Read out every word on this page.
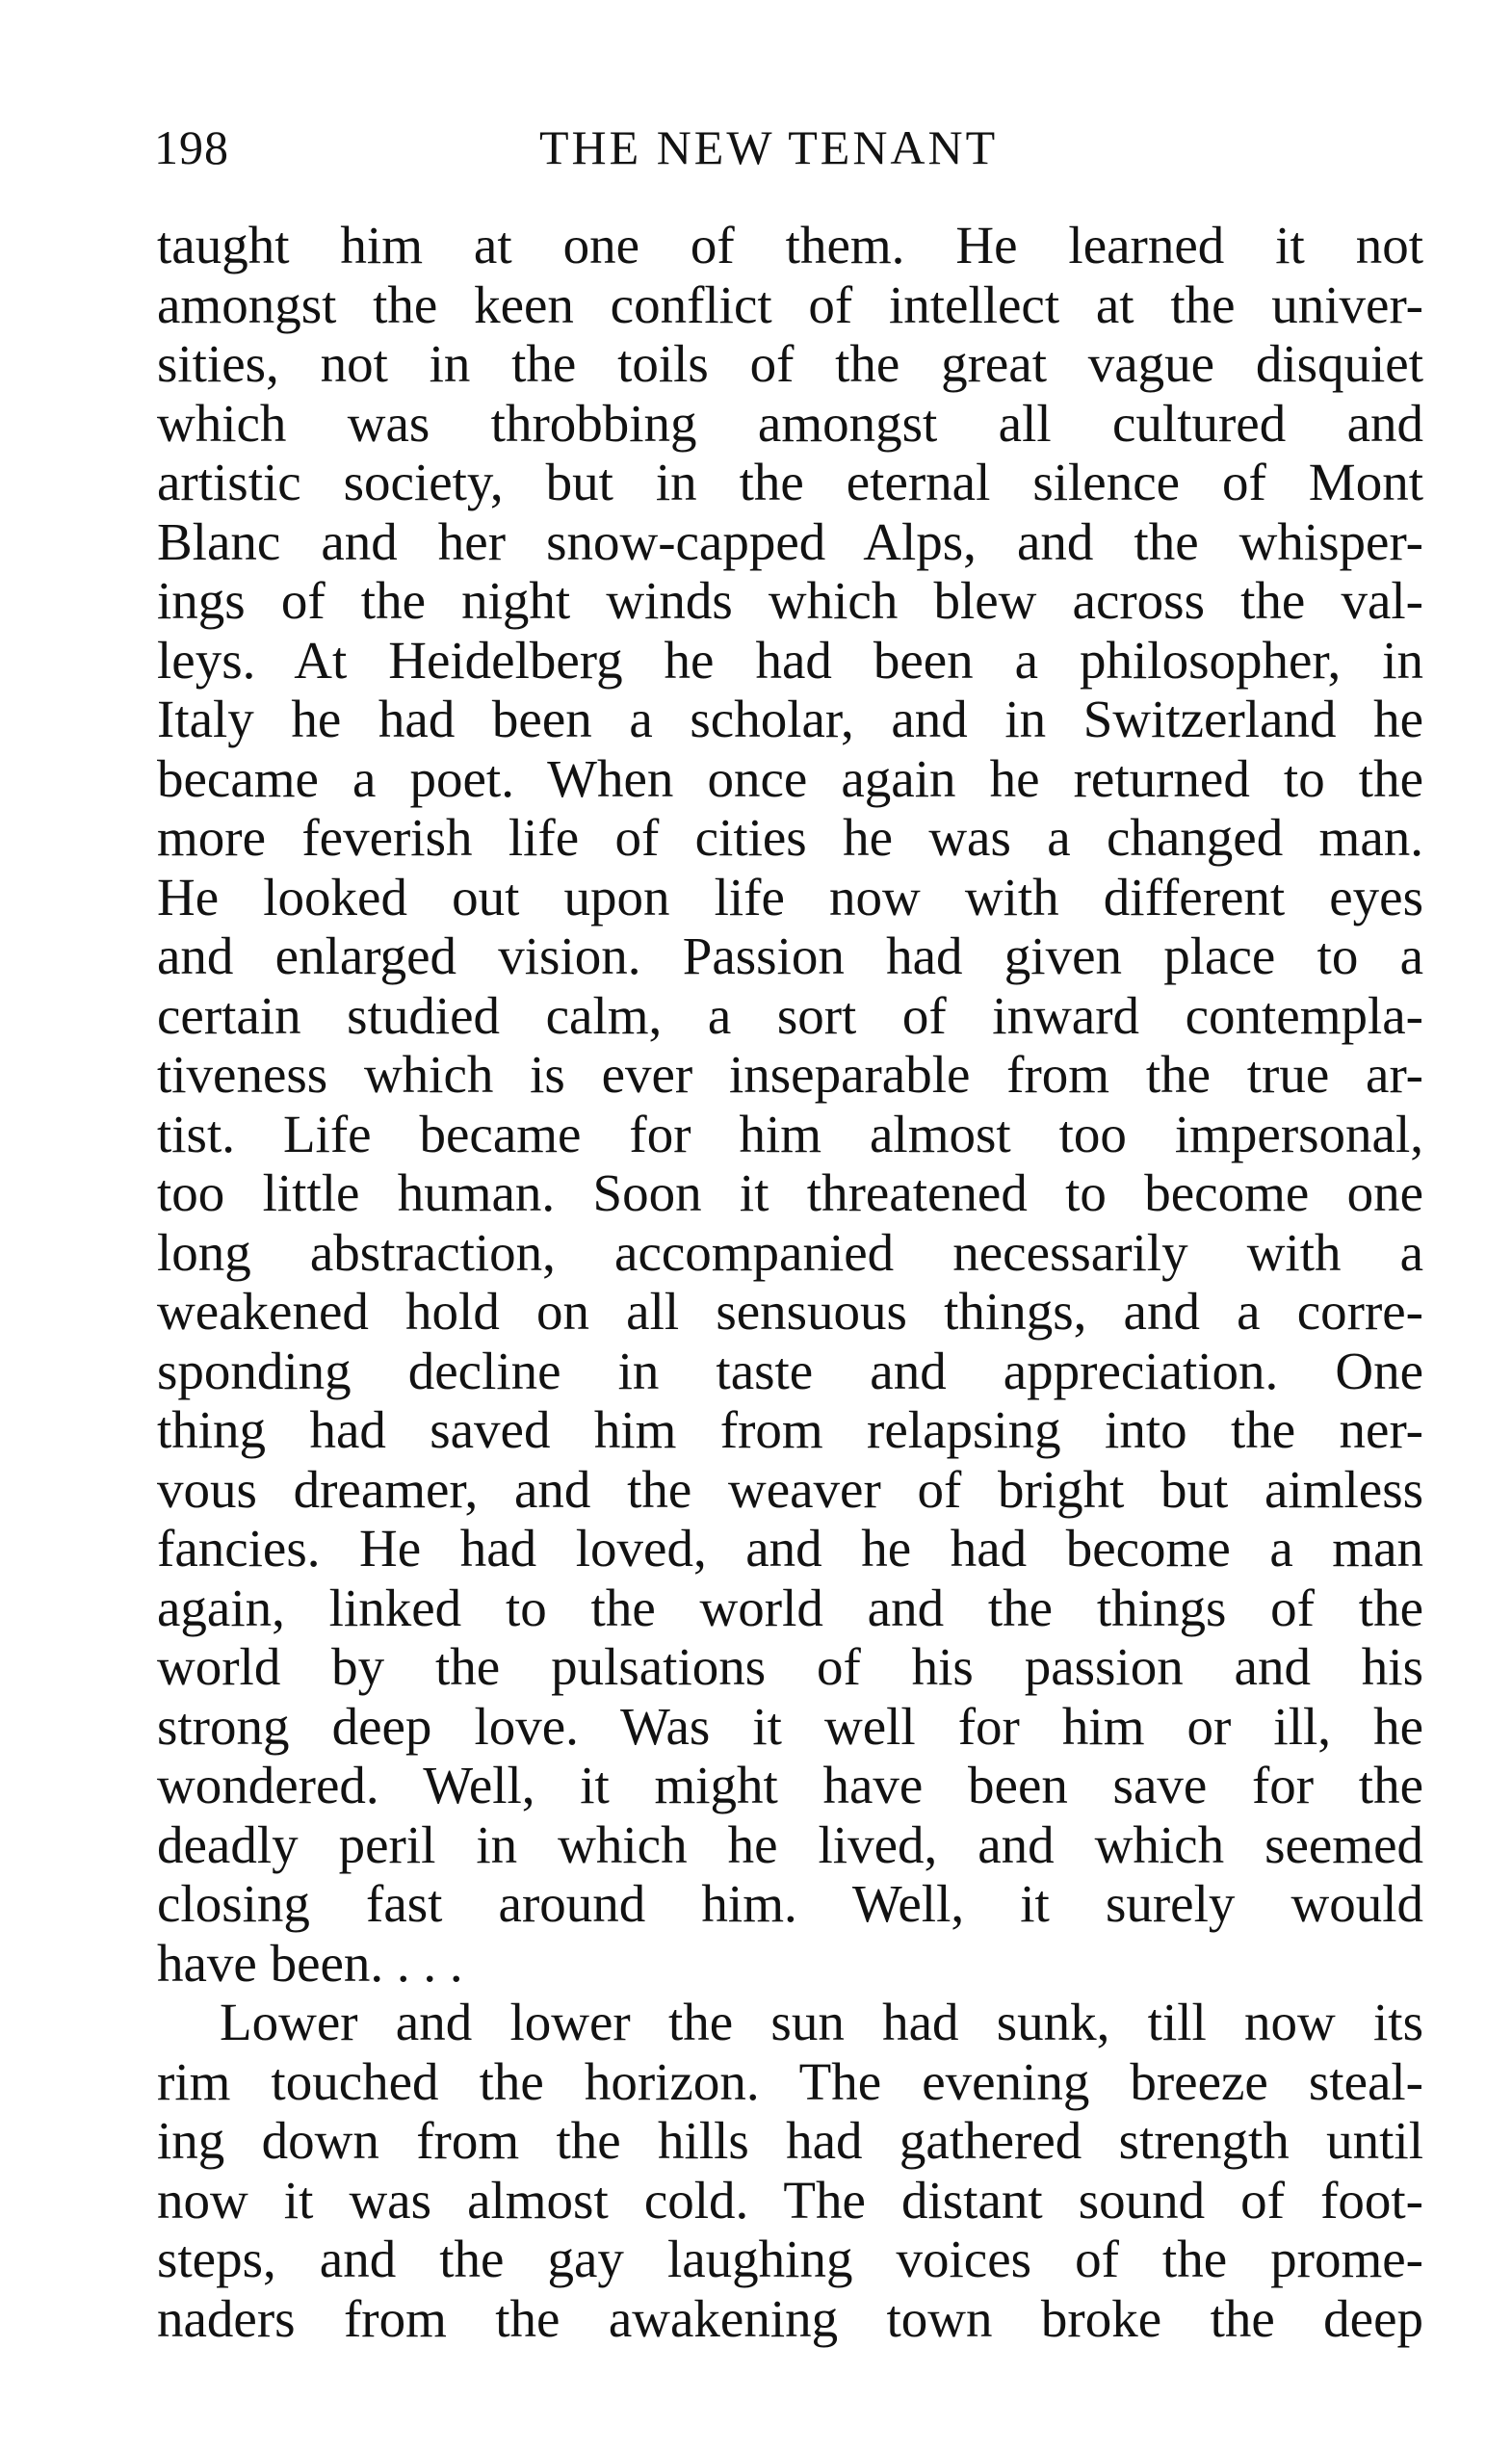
198	THE NEW TENANT
taught him at one of them. He learned it not
amongst the keen conflict of intellect at the univer-
sities, not in the toils of the great vague disquiet
which was throbbing amongst all cultured and
artistic society, but in the eternal silence of Mont
Blanc and her snow-capped Alps, and the whisper-
ings of the night winds which blew across the val-
leys. At Heidelberg he had been a philosopher, in
Italy he had been a scholar, and in Switzerland he
became a poet. When once again he returned to the
more feverish life of cities he was a changed man.
He looked out upon life now with different eyes
and enlarged vision. Passion had given place to a
certain studied calm, a sort of inward contempla-
tiveness which is ever inseparable from the true ar-
tist. Life became for him almost too impersonal,
too little human. Soon it threatened to become one
long abstraction, accompanied necessarily with a
weakened hold on all sensuous things, and a corre-
sponding decline in taste and appreciation. One
thing had saved him from relapsing into the ner-
vous dreamer, and the weaver of bright but aimless
fancies. He had loved, and he had become a man
again, linked to the world and the things of the
world by the pulsations of his passion and his
strong deep love. Was it well for him or ill, he
wondered. Well, it might have been save for the
deadly peril in which he lived, and which seemed
closing fast around him. Well, it surely would
have been. . . .
Lower and lower the sun had sunk, till now its
rim touched the horizon. The evening breeze steal-
ing down from the hills had gathered strength until
now it was almost cold. The distant sound of foot-
steps, and the gay laughing voices of the prome-
naders from the awakening town broke the deep
